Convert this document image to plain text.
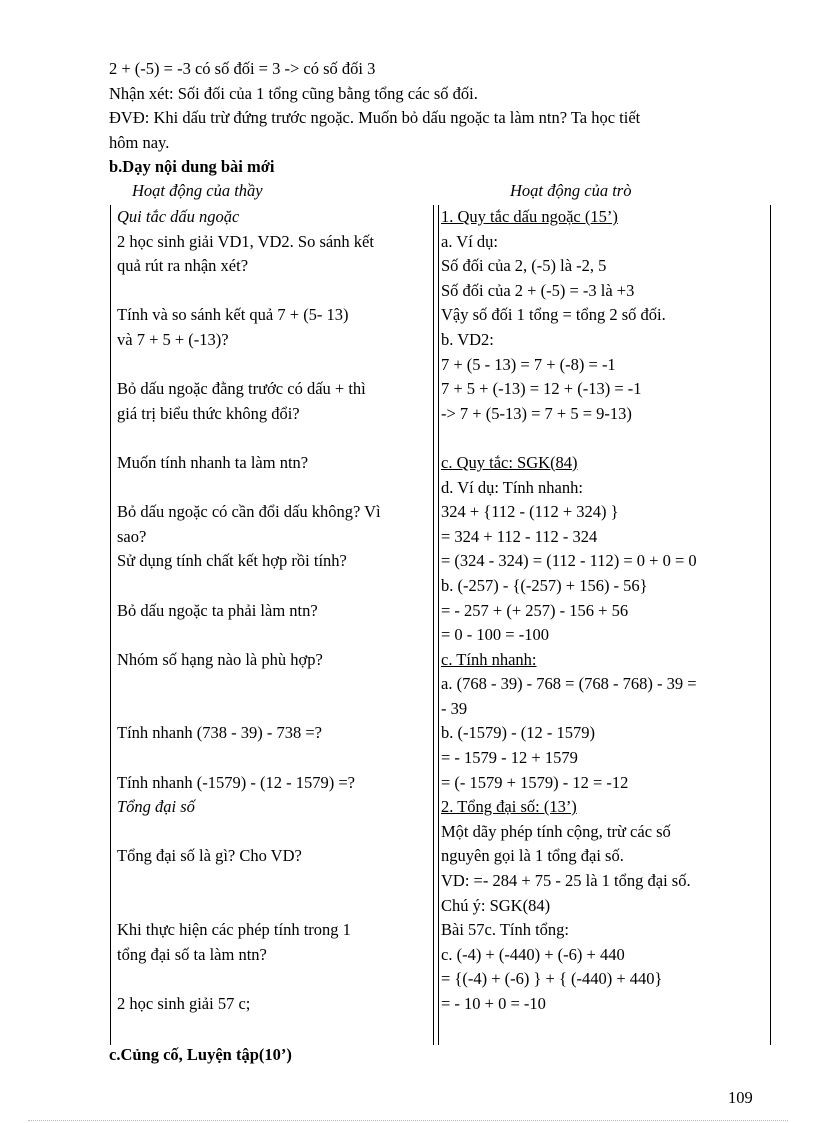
2 + (-5) = -3 có số đối = 3 -> có số đối 3
Nhận xét: Sối đối của 1 tổng cũng bằng tổng các số đối.
ĐVĐ: Khi dấu trừ đứng trước ngoặc. Muốn bỏ dấu ngoặc ta làm ntn? Ta học tiết
hôm nay.
b.Dạy nội dung bài mới
Hoạt động của thầy	Hoạt động của trò
Qui tắc dấu ngoặc
2 học sinh giải VD1, VD2. So sánh kết
quả rút ra nhận xét?
Tính và so sánh kết quả 7 + (5- 13)
và 7 + 5 + (-13)?
Bỏ dấu ngoặc đằng trước có dấu + thì
giá trị biểu thức không đổi?
Muốn tính nhanh ta làm ntn?
Bỏ dấu ngoặc có cần đổi dấu không? Vì
sao?
Sử dụng tính chất kết hợp rồi tính?
Bỏ dấu ngoặc ta phải làm ntn?
Nhóm số hạng nào là phù hợp?
Tính nhanh (738 - 39) - 738 =?
Tính nhanh (-1579) - (12 - 1579) =?
Tổng đại số
Tổng đại số là gì? Cho VD?
Khi thực hiện các phép tính trong 1
tổng đại số ta làm ntn?
2 học sinh giải 57 c;
1. Quy tắc dấu ngoặc (15’)
a. Ví dụ:
Số đối của 2, (-5) là -2, 5
Số đối của 2 + (-5) = -3 là +3
Vậy số đối 1 tổng = tổng 2 số đối.
b. VD2:
7 + (5 - 13) = 7 + (-8) = -1
7 + 5 + (-13) = 12 + (-13) = -1
-> 7 + (5-13) = 7 + 5 = 9-13)
c. Quy tắc: SGK(84)
d. Ví dụ: Tính nhanh:
324 + {112 - (112 + 324) }
= 324 + 112 - 112 - 324
= (324 - 324) = (112 - 112) = 0 + 0 = 0
b. (-257) - {(-257) + 156) - 56}
= - 257 + (+ 257) - 156 + 56
= 0 - 100 = -100
c. Tính nhanh:
a. (768 - 39) - 768 = (768 - 768) - 39 =
- 39
b. (-1579) - (12 - 1579)
= - 1579 - 12 + 1579
= (- 1579 + 1579) - 12 = -12
2. Tổng đại số: (13’)
Một dãy phép tính cộng, trừ các số
nguyên gọi là 1 tổng đại số.
VD: =- 284 + 75 - 25 là 1 tổng đại số.
Chú ý: SGK(84)
Bài 57c. Tính tổng:
c. (-4) + (-440) + (-6) + 440
= {(-4) + (-6) } + { (-440) + 440}
= - 10 + 0 = -10
c.Củng cố, Luyện tập(10’)
109
